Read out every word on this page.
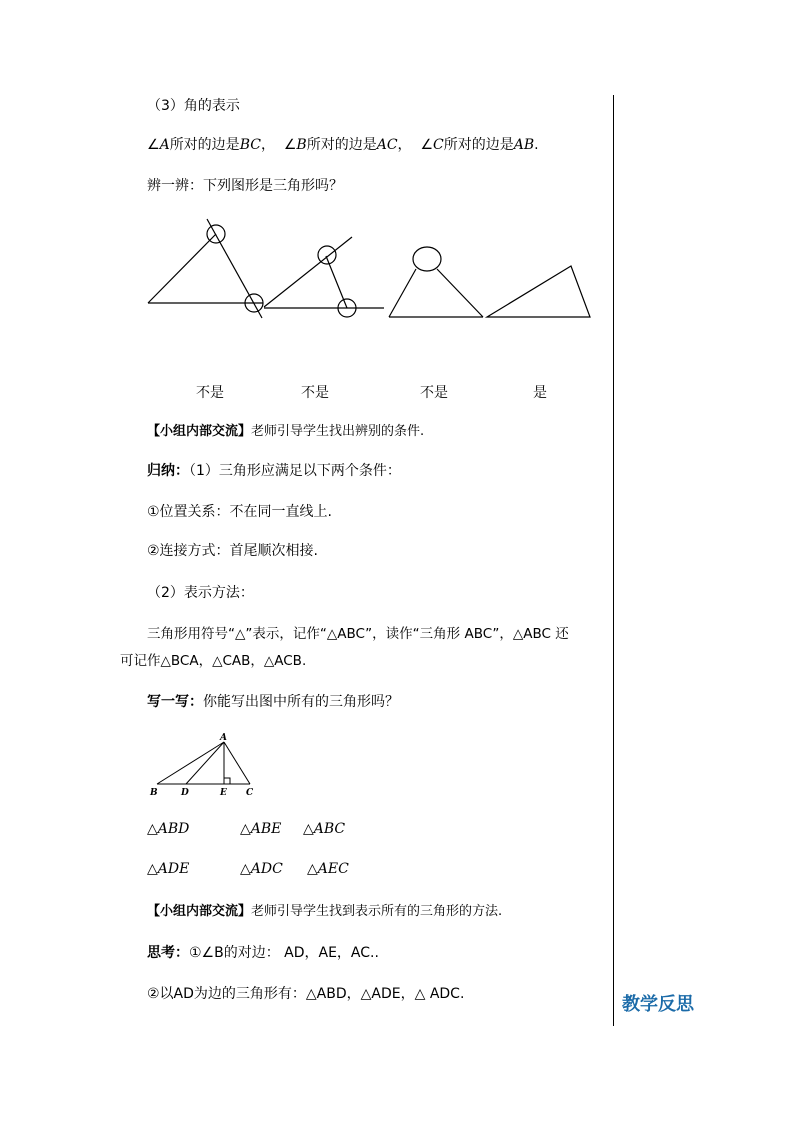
（3）角的表示
∠A所对的边是BC， ∠B所对的边是AC， ∠C所对的边是AB.
辨一辨：下列图形是三角形吗？
不是	不是	不是	是
【小组内部交流】老师引导学生找出辨别的条件.
归纳：（1）三角形应满足以下两个条件：
①位置关系：不在同一直线上.
②连接方式：首尾顺次相接.
（2）表示方法：
三角形用符号“△”表示，记作“△ABC”，读作“三角形 ABC”，△ABC 还
可记作△BCA，△CAB，△ACB.
写一写：你能写出图中所有的三角形吗？
A
B	D	E C
△ABD	△ABE △ABC
△ADE	△ADC △AEC
【小组内部交流】老师引导学生找到表示所有的三角形的方法.
思考：①∠B的对边： AD，AE，AC..
②以AD为边的三角形有：△ABD，△ADE，△ ADC.	教学反思
